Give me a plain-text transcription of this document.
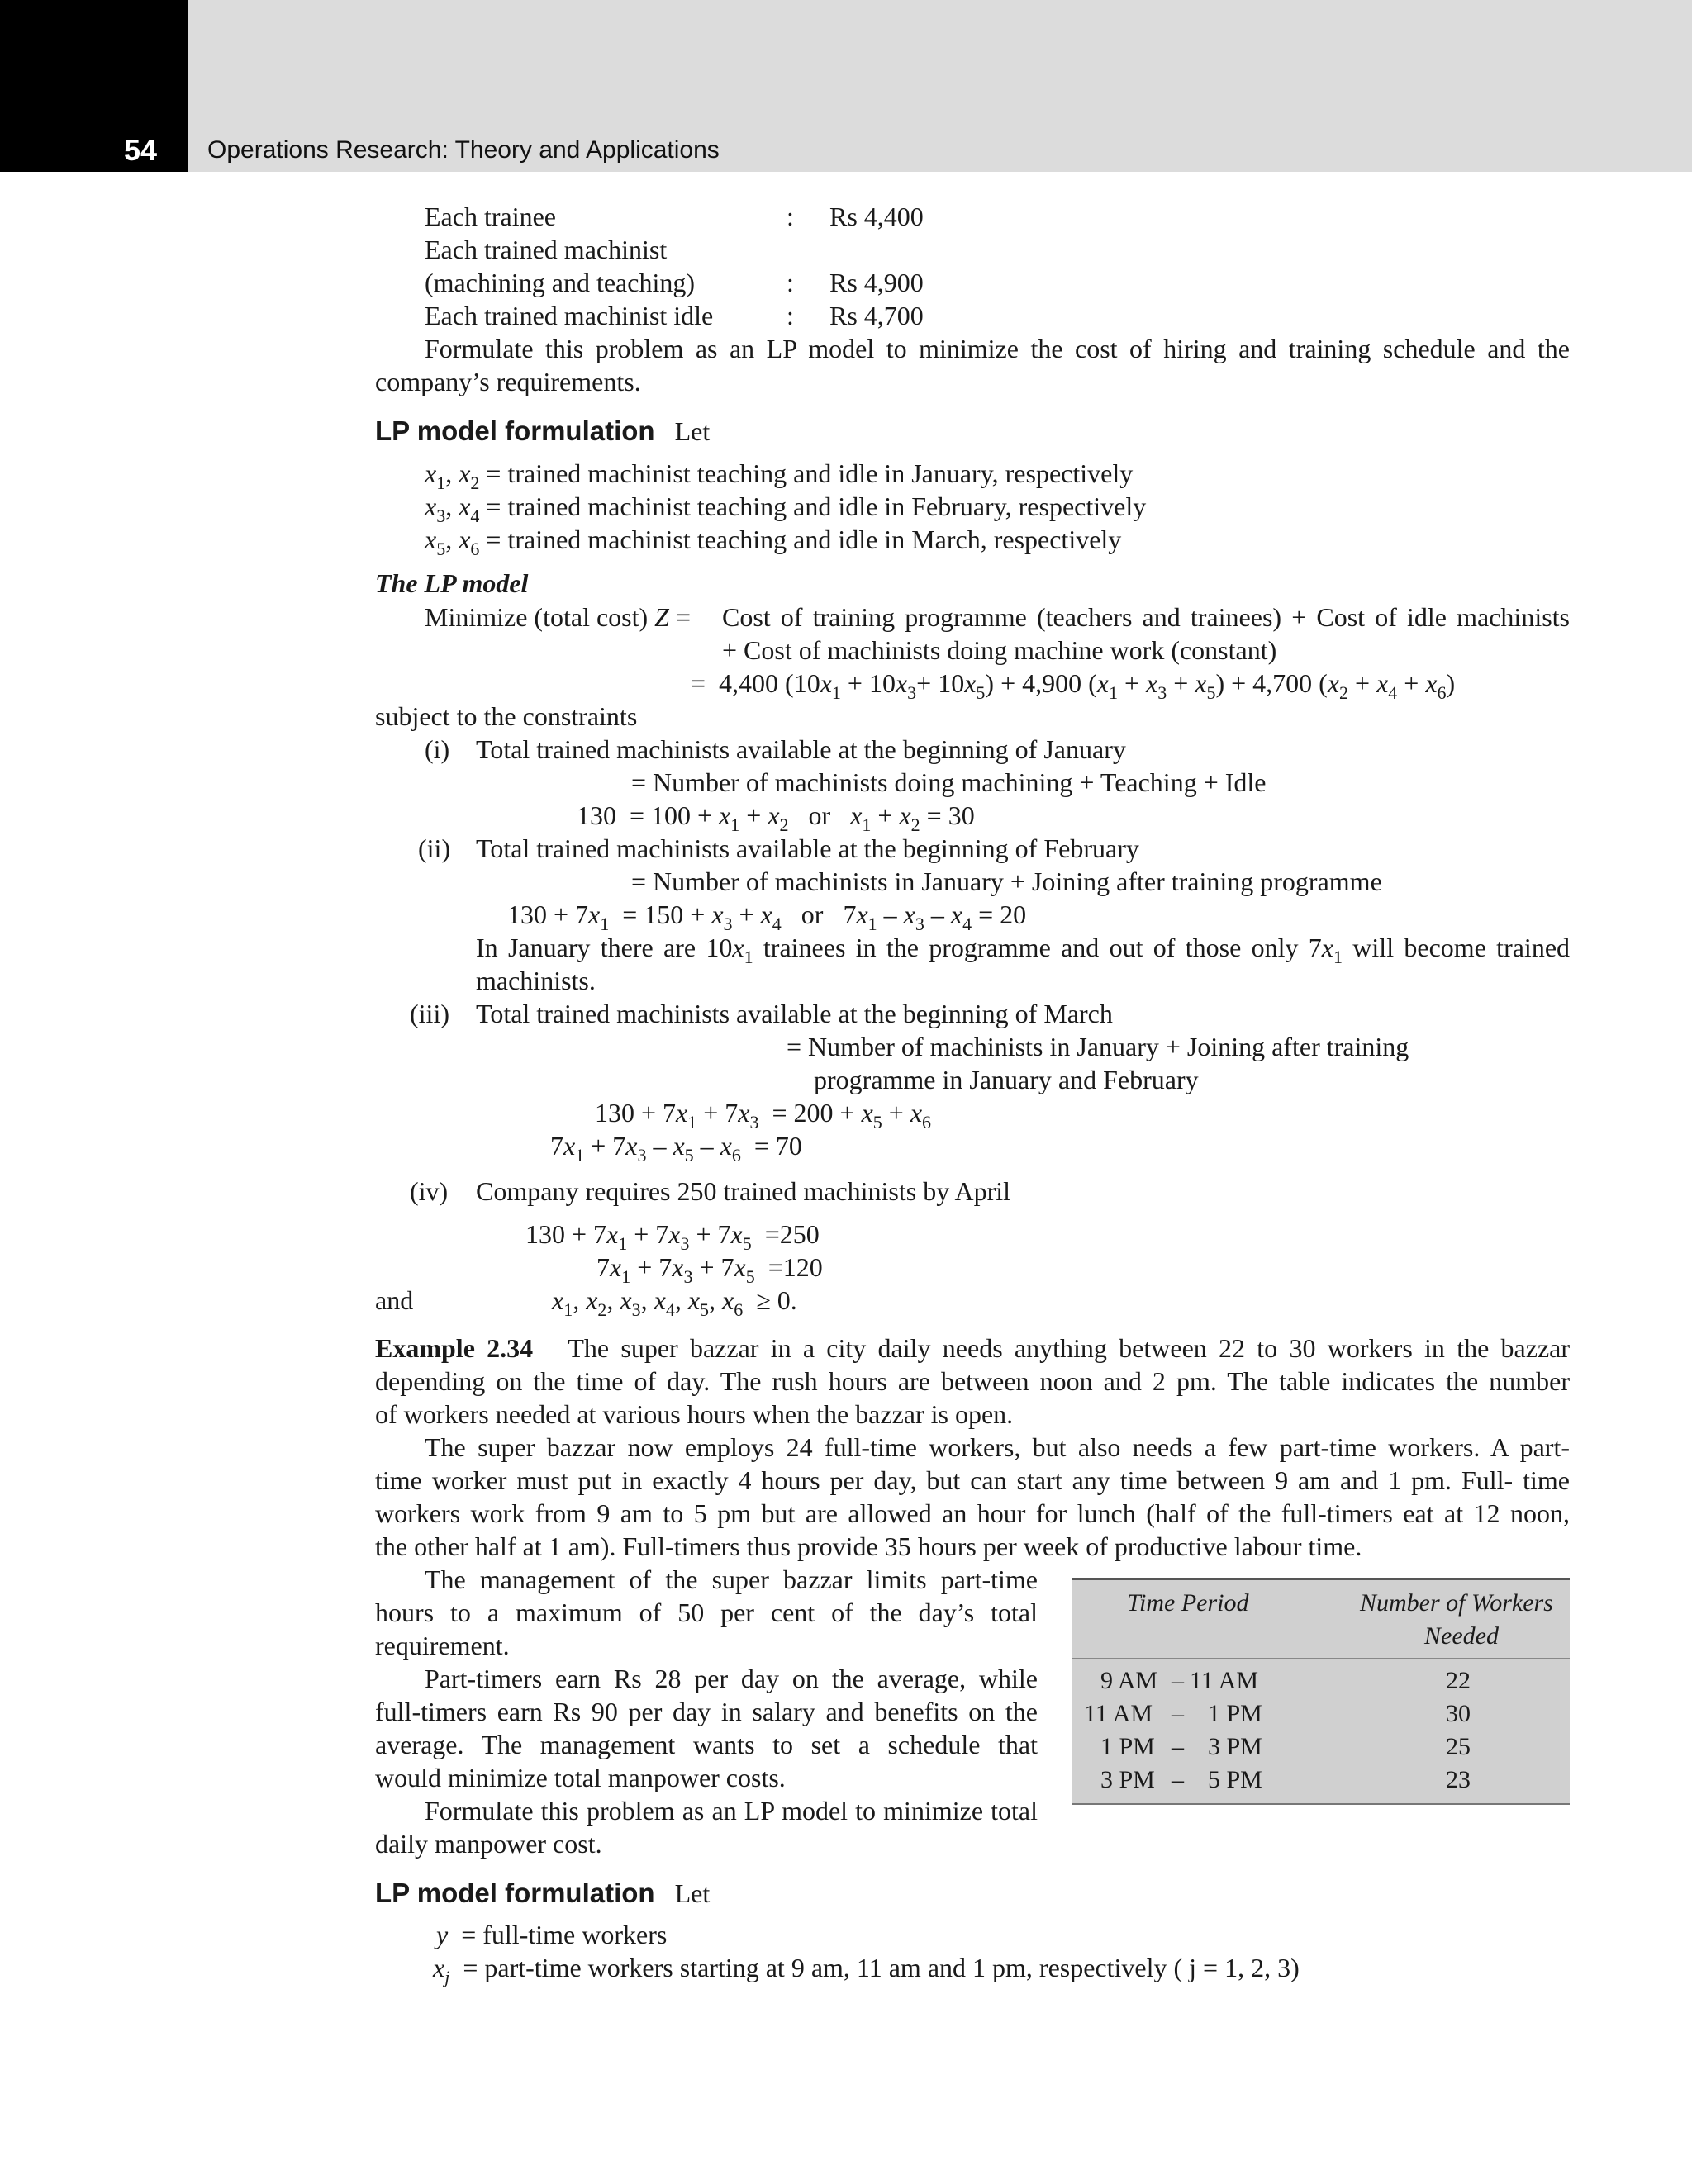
54 Operations Research: Theory and Applications
Each trainee	: Rs 4,400
Each trained machinist
(machining and teaching)	: Rs 4,900
Each trained machinist idle	: Rs 4,700
Formulate this problem as an LP model to minimize the cost of hiring and training schedule and the
company’s requirements.
LP model formulation Let
$x_1$, $x_2$ = trained machinist teaching and idle in January, respectively
$x_3$, $x_4$ = trained machinist teaching and idle in February, respectively
$x_5$, $x_6$ = trained machinist teaching and idle in March, respectively
The LP model
Minimize (total cost) Z = Cost of training programme (teachers and trainees) + Cost of idle machinists
+ Cost of machinists doing machine work (constant)
=  4,400 $(10x_1 + 10x_3+ 10x_5) + 4,900$ $(x_1 + x_3 + x_5) + 4,700$ $(x_2 + x_4 + x_6)$
subject to the constraints
(i) Total trained machinists available at the beginning of January
= Number of machinists doing machining + Teaching + Idle
$130 = 100 + x_1 + x_2$   or   $x_1 + x_2 = 30$
(ii) Total trained machinists available at the beginning of February
= Number of machinists in January + Joining after training programme
$130 + 7x_1 = 150 + x_3 + x_4$   or   $7x_1 - x_3 - x_4 = 20$
In January there are $10x_1$ trainees in the programme and out of those only $7x_1$ will become trained
machinists.
(iii) Total trained machinists available at the beginning of March
= Number of machinists in January + Joining after training
programme in January and February
$130 + 7x_1 + 7x_3 = 200 + x_5 + x_6$
$7x_1 + 7x_3 - x_5 - x_6 = 70$
(iv) Company requires 250 trained machinists by April
$130 + 7x_1 + 7x_3 + 7x_5 =250$
$7x_1 + 7x_3 + 7x_5 =120$
and	$x_1$, $x_2$, $x_3$, $x_4$, $x_5$, $x_6 \ge 0$.
Example 2.34 The super bazzar in a city daily needs anything between 22 to 30 workers in the bazzar
depending on the time of day. The rush hours are between noon and 2 pm. The table indicates the number
of workers needed at various hours when the bazzar is open.
The super bazzar now employs 24 full-time workers, but also needs a few part-time workers. A part-
time worker must put in exactly 4 hours per day, but can start any time between 9 am and 1 pm. Full- time
workers work from 9 am to 5 pm but are allowed an hour for lunch (half of the full-timers eat at 12 noon,
the other half at 1 am). Full-timers thus provide 35 hours per week of productive labour time.
The management of the super bazzar limits part-time
hours to a maximum of 50 per cent of the day’s total
requirement.
Part-timers earn Rs 28 per day on the average, while
full-timers earn Rs 90 per day in salary and benefits on the
average. The management wants to set a schedule that
would minimize total manpower costs.
Formulate this problem as an LP model to minimize total
daily manpower cost.
Time Period	Number of Workers
Needed
9 AM – 11 AM	22
11 AM – 1 PM	30
1 PM – 3 PM	25
3 PM – 5 PM	23
LP model formulation Let
y = full-time workers
$x_j$ = part-time workers starting at 9 am, 11 am and 1 pm, respectively ( j = 1, 2, 3)
